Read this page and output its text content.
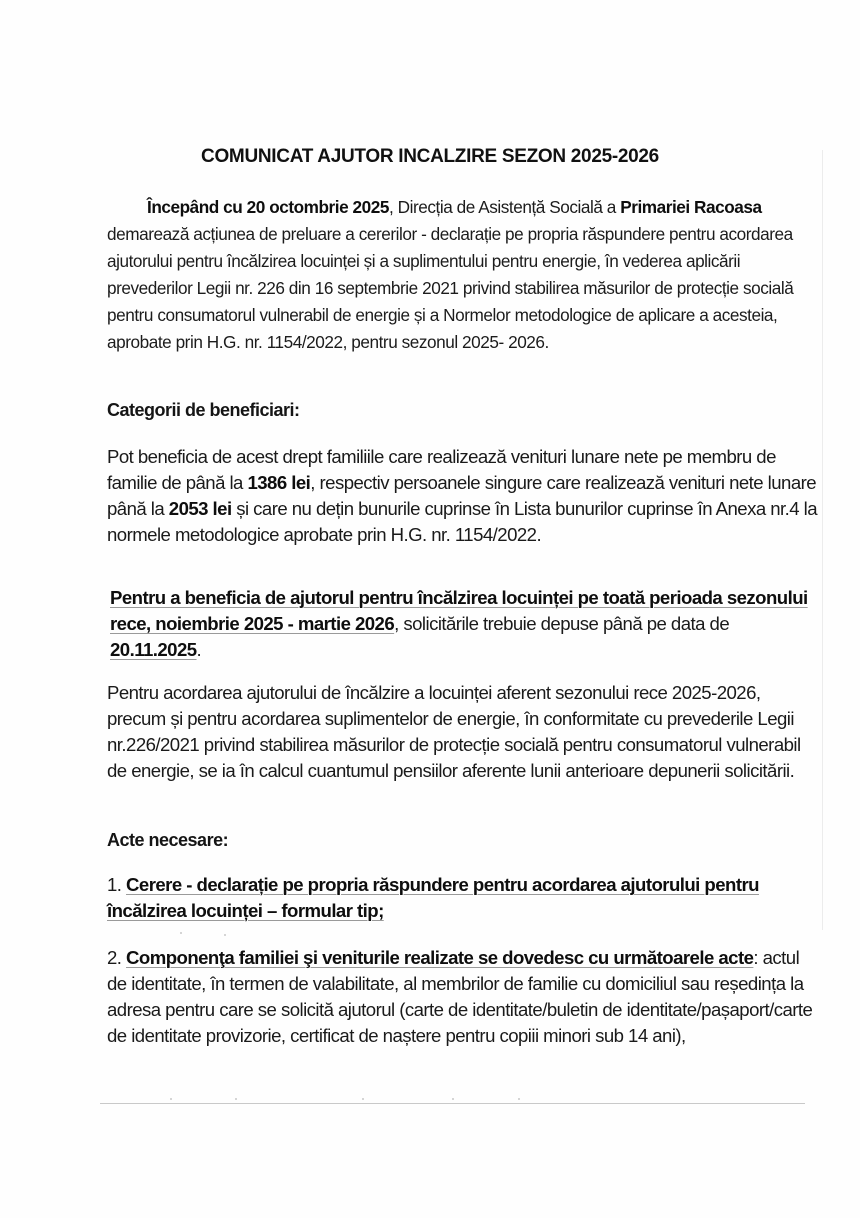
COMUNICAT AJUTOR INCALZIRE SEZON 2025-2026
Începând cu 20 octombrie 2025, Direcția de Asistență Socială a Primariei Racoasa demarează acțiunea de preluare a cererilor - declarație pe propria răspundere pentru acordarea ajutorului pentru încălzirea locuinței și a suplimentului pentru energie, în vederea aplicării prevederilor Legii nr. 226 din 16 septembrie 2021 privind stabilirea măsurilor de protecție socială pentru consumatorul vulnerabil de energie și a Normelor metodologice de aplicare a acesteia, aprobate prin H.G. nr. 1154/2022, pentru sezonul 2025- 2026.
Categorii de beneficiari:
Pot beneficia de acest drept familiile care realizează venituri lunare nete pe membru de familie de până la 1386 lei, respectiv persoanele singure care realizează venituri nete lunare până la 2053 lei și care nu dețin bunurile cuprinse în Lista bunurilor cuprinse în Anexa nr.4 la normele metodologice aprobate prin H.G. nr. 1154/2022.
Pentru a beneficia de ajutorul pentru încălzirea locuinței pe toată perioada sezonului rece, noiembrie 2025 - martie 2026, solicitările trebuie depuse până pe data de 20.11.2025.
Pentru acordarea ajutorului de încălzire a locuinței aferent sezonului rece 2025-2026, precum și pentru acordarea suplimentelor de energie, în conformitate cu prevederile Legii nr.226/2021 privind stabilirea măsurilor de protecție socială pentru consumatorul vulnerabil de energie, se ia în calcul cuantumul pensiilor aferente lunii anterioare depunerii solicitării.
Acte necesare:
1. Cerere - declarație pe propria răspundere pentru acordarea ajutorului pentru încălzirea locuinței – formular tip;
2. Componenţa familiei şi veniturile realizate se dovedesc cu următoarele acte: actul de identitate, în termen de valabilitate, al membrilor de familie cu domiciliul sau reședința la adresa pentru care se solicită ajutorul (carte de identitate/buletin de identitate/pașaport/carte de identitate provizorie, certificat de naștere pentru copiii minori sub 14 ani),
